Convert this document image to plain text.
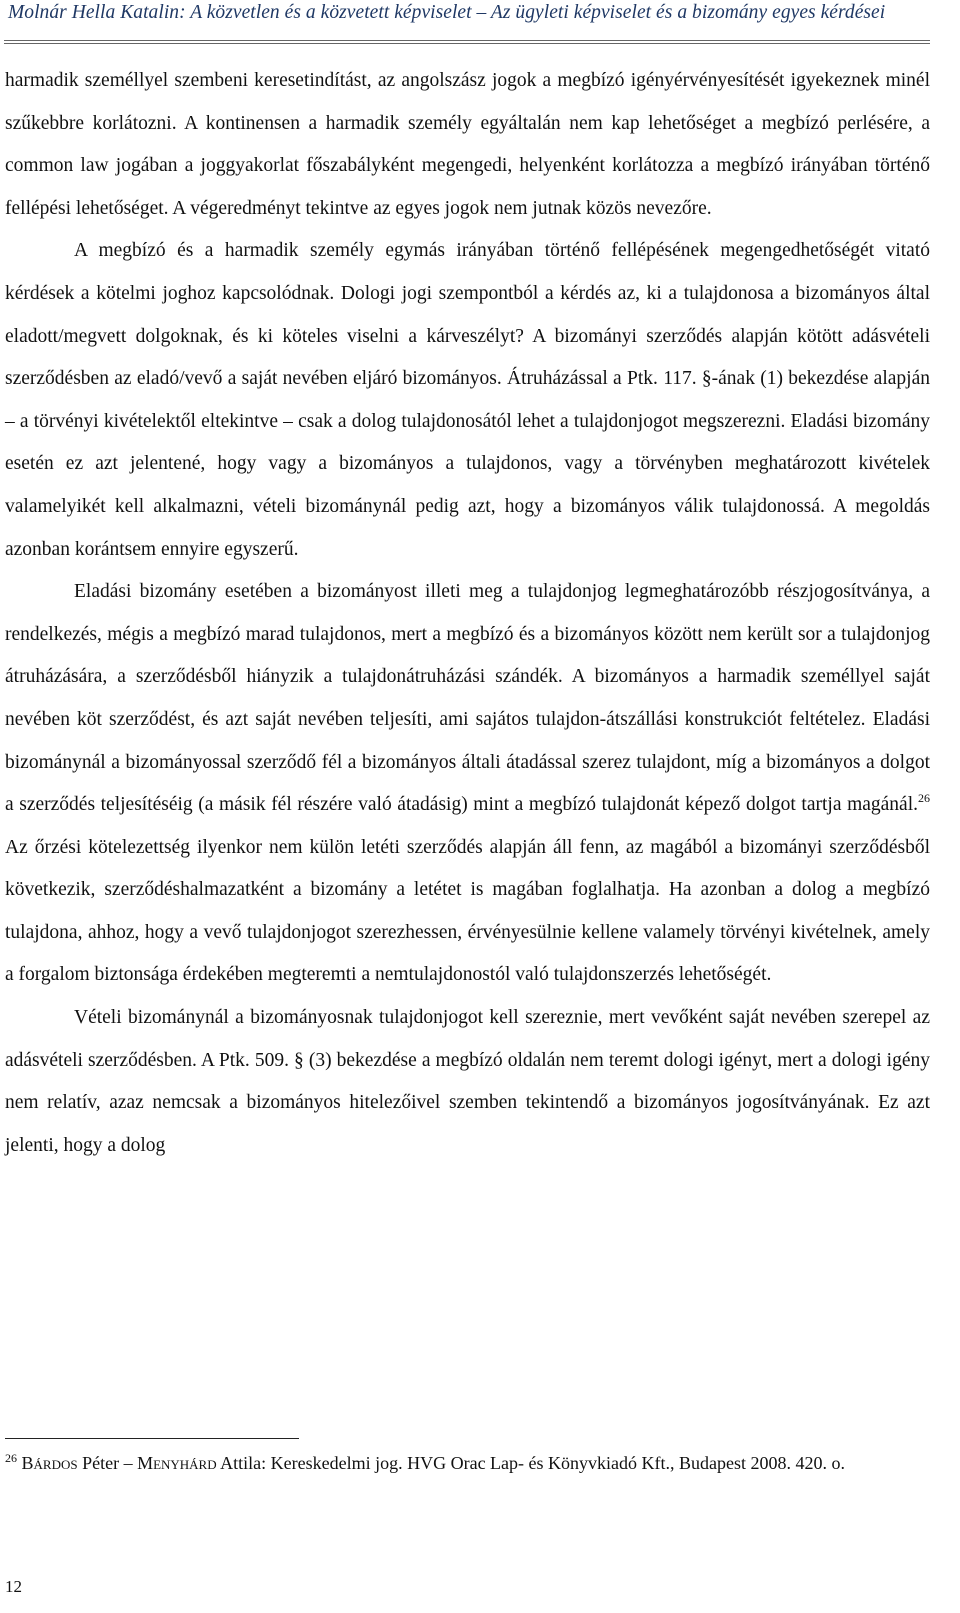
Molnár Hella Katalin: A közvetlen és a közvetett képviselet – Az ügyleti képviselet és a bizomány egyes kérdései

harmadik személlyel szembeni keresetindítást, az angolszász jogok a megbízó igényérvényesítését igyekeznek minél szűkebbre korlátozni. A kontinensen a harmadik személy egyáltalán nem kap lehetőséget a megbízó perlésére, a common law jogában a joggyakorlat főszabályként megengedi, helyenként korlátozza a megbízó irányában történő fellépési lehetőséget. A végeredményt tekintve az egyes jogok nem jutnak közös nevezőre.

A megbízó és a harmadik személy egymás irányában történő fellépésének megengedhetőségét vitató kérdések a kötelmi joghoz kapcsolódnak. Dologi jogi szempontból a kérdés az, ki a tulajdonosa a bizományos által eladott/megvett dolgoknak, és ki köteles viselni a kárveszélyt? A bizományi szerződés alapján kötött adásvételi szerződésben az eladó/vevő a saját nevében eljáró bizományos. Átruházással a Ptk. 117. §-ának (1) bekezdése alapján – a törvényi kivételektől eltekintve – csak a dolog tulajdonosától lehet a tulajdonjogot megszerezni. Eladási bizomány esetén ez azt jelentené, hogy vagy a bizományos a tulajdonos, vagy a törvényben meghatározott kivételek valamelyikét kell alkalmazni, vételi bizománynál pedig azt, hogy a bizományos válik tulajdonossá. A megoldás azonban korántsem ennyire egyszerű.

Eladási bizomány esetében a bizományost illeti meg a tulajdonjog legmeghatározóbb részjogosítványa, a rendelkezés, mégis a megbízó marad tulajdonos, mert a megbízó és a bizományos között nem került sor a tulajdonjog átruházására, a szerződésből hiányzik a tulajdonátruházási szándék. A bizományos a harmadik személlyel saját nevében köt szerződést, és azt saját nevében teljesíti, ami sajátos tulajdon-átszállási konstrukciót feltételez. Eladási bizománynál a bizományossal szerződő fél a bizományos általi átadással szerez tulajdont, míg a bizományos a dolgot a szerződés teljesítéséig (a másik fél részére való átadásig) mint a megbízó tulajdonát képező dolgot tartja magánál.$^{26}$ Az őrzési kötelezettség ilyenkor nem külön letéti szerződés alapján áll fenn, az magából a bizományi szerződésből következik, szerződéshalmazatként a bizomány a letétet is magában foglalhatja. Ha azonban a dolog a megbízó tulajdona, ahhoz, hogy a vevő tulajdonjogot szerezhessen, érvényesülnie kellene valamely törvényi kivételnek, amely a forgalom biztonsága érdekében megteremti a nemtulajdonostól való tulajdonszerzés lehetőségét.

Vételi bizománynál a bizományosnak tulajdonjogot kell szereznie, mert vevőként saját nevében szerepel az adásvételi szerződésben. A Ptk. 509. § (3) bekezdése a megbízó oldalán nem teremt dologi igényt, mert a dologi igény nem relatív, azaz nemcsak a bizományos hitelezőivel szemben tekintendő a bizományos jogosítványának. Ez azt jelenti, hogy a dolog

$^{26}$ Bárdos Péter – Menyhárd Attila: Kereskedelmi jog. HVG Orac Lap- és Könyvkiadó Kft., Budapest 2008. 420. o.
12
